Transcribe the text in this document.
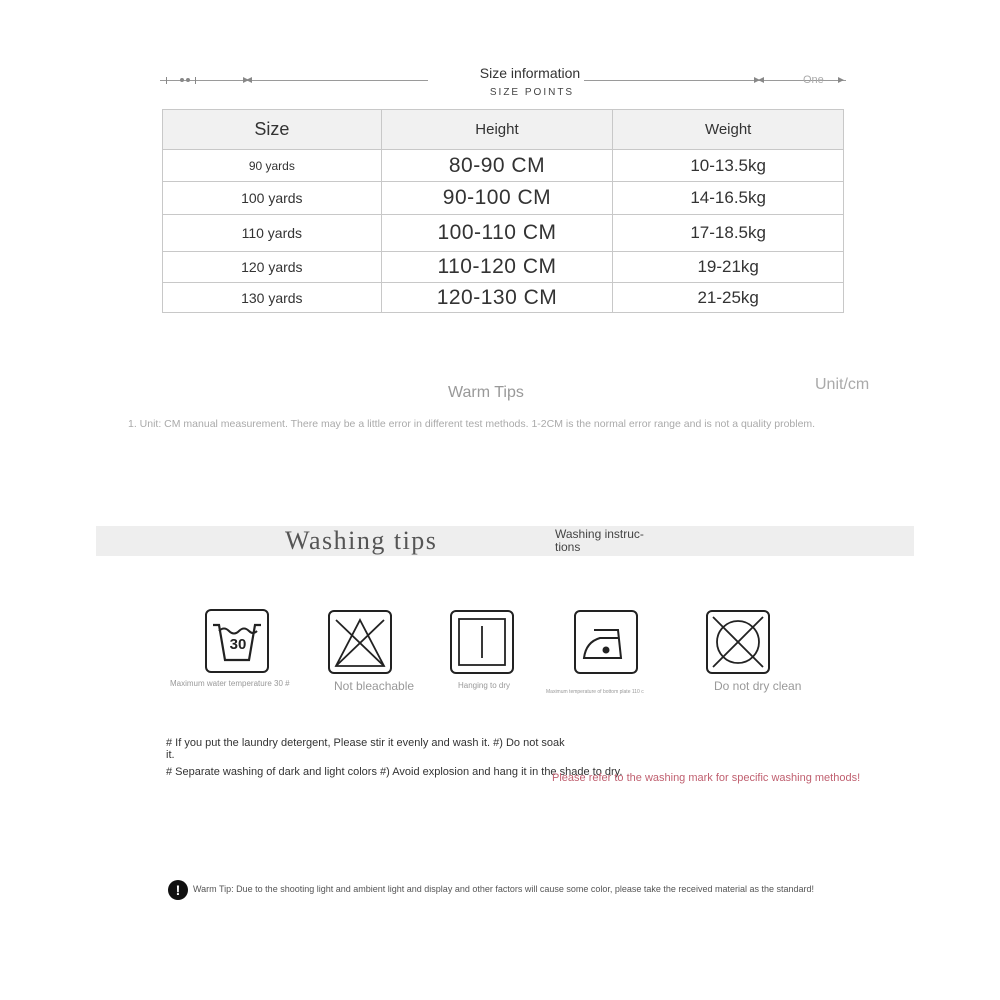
Size information
SIZE POINTS
One
Size	Height	Weight
90 yards	80-90 CM	10-13.5kg
100 yards	90-100 CM	14-16.5kg
110 yards	100-110 CM	17-18.5kg
120 yards	110-120 CM	19-21kg
130 yards	120-130 CM	21-25kg
Warm Tips	Unit/cm
1. Unit: CM manual measurement. There may be a little error in different test methods. 1-2CM is the normal error range and is not a quality problem.
Washing tips	Washing instruc-tions
30
Maximum water temperature 30 #	Not bleachable	Hanging to dry
Maximum temperature of bottom plate 110 c	Do not dry clean
# If you put the laundry detergent, Please stir it evenly and wash it. #) Do not soak it.
# Separate washing of dark and light colors #) Avoid explosion and hang it in the shade to dry.
Please refer to the washing mark for specific washing methods!
!	Warm Tip: Due to the shooting light and ambient light and display and other factors will cause some color, please take the received material as the standard!
